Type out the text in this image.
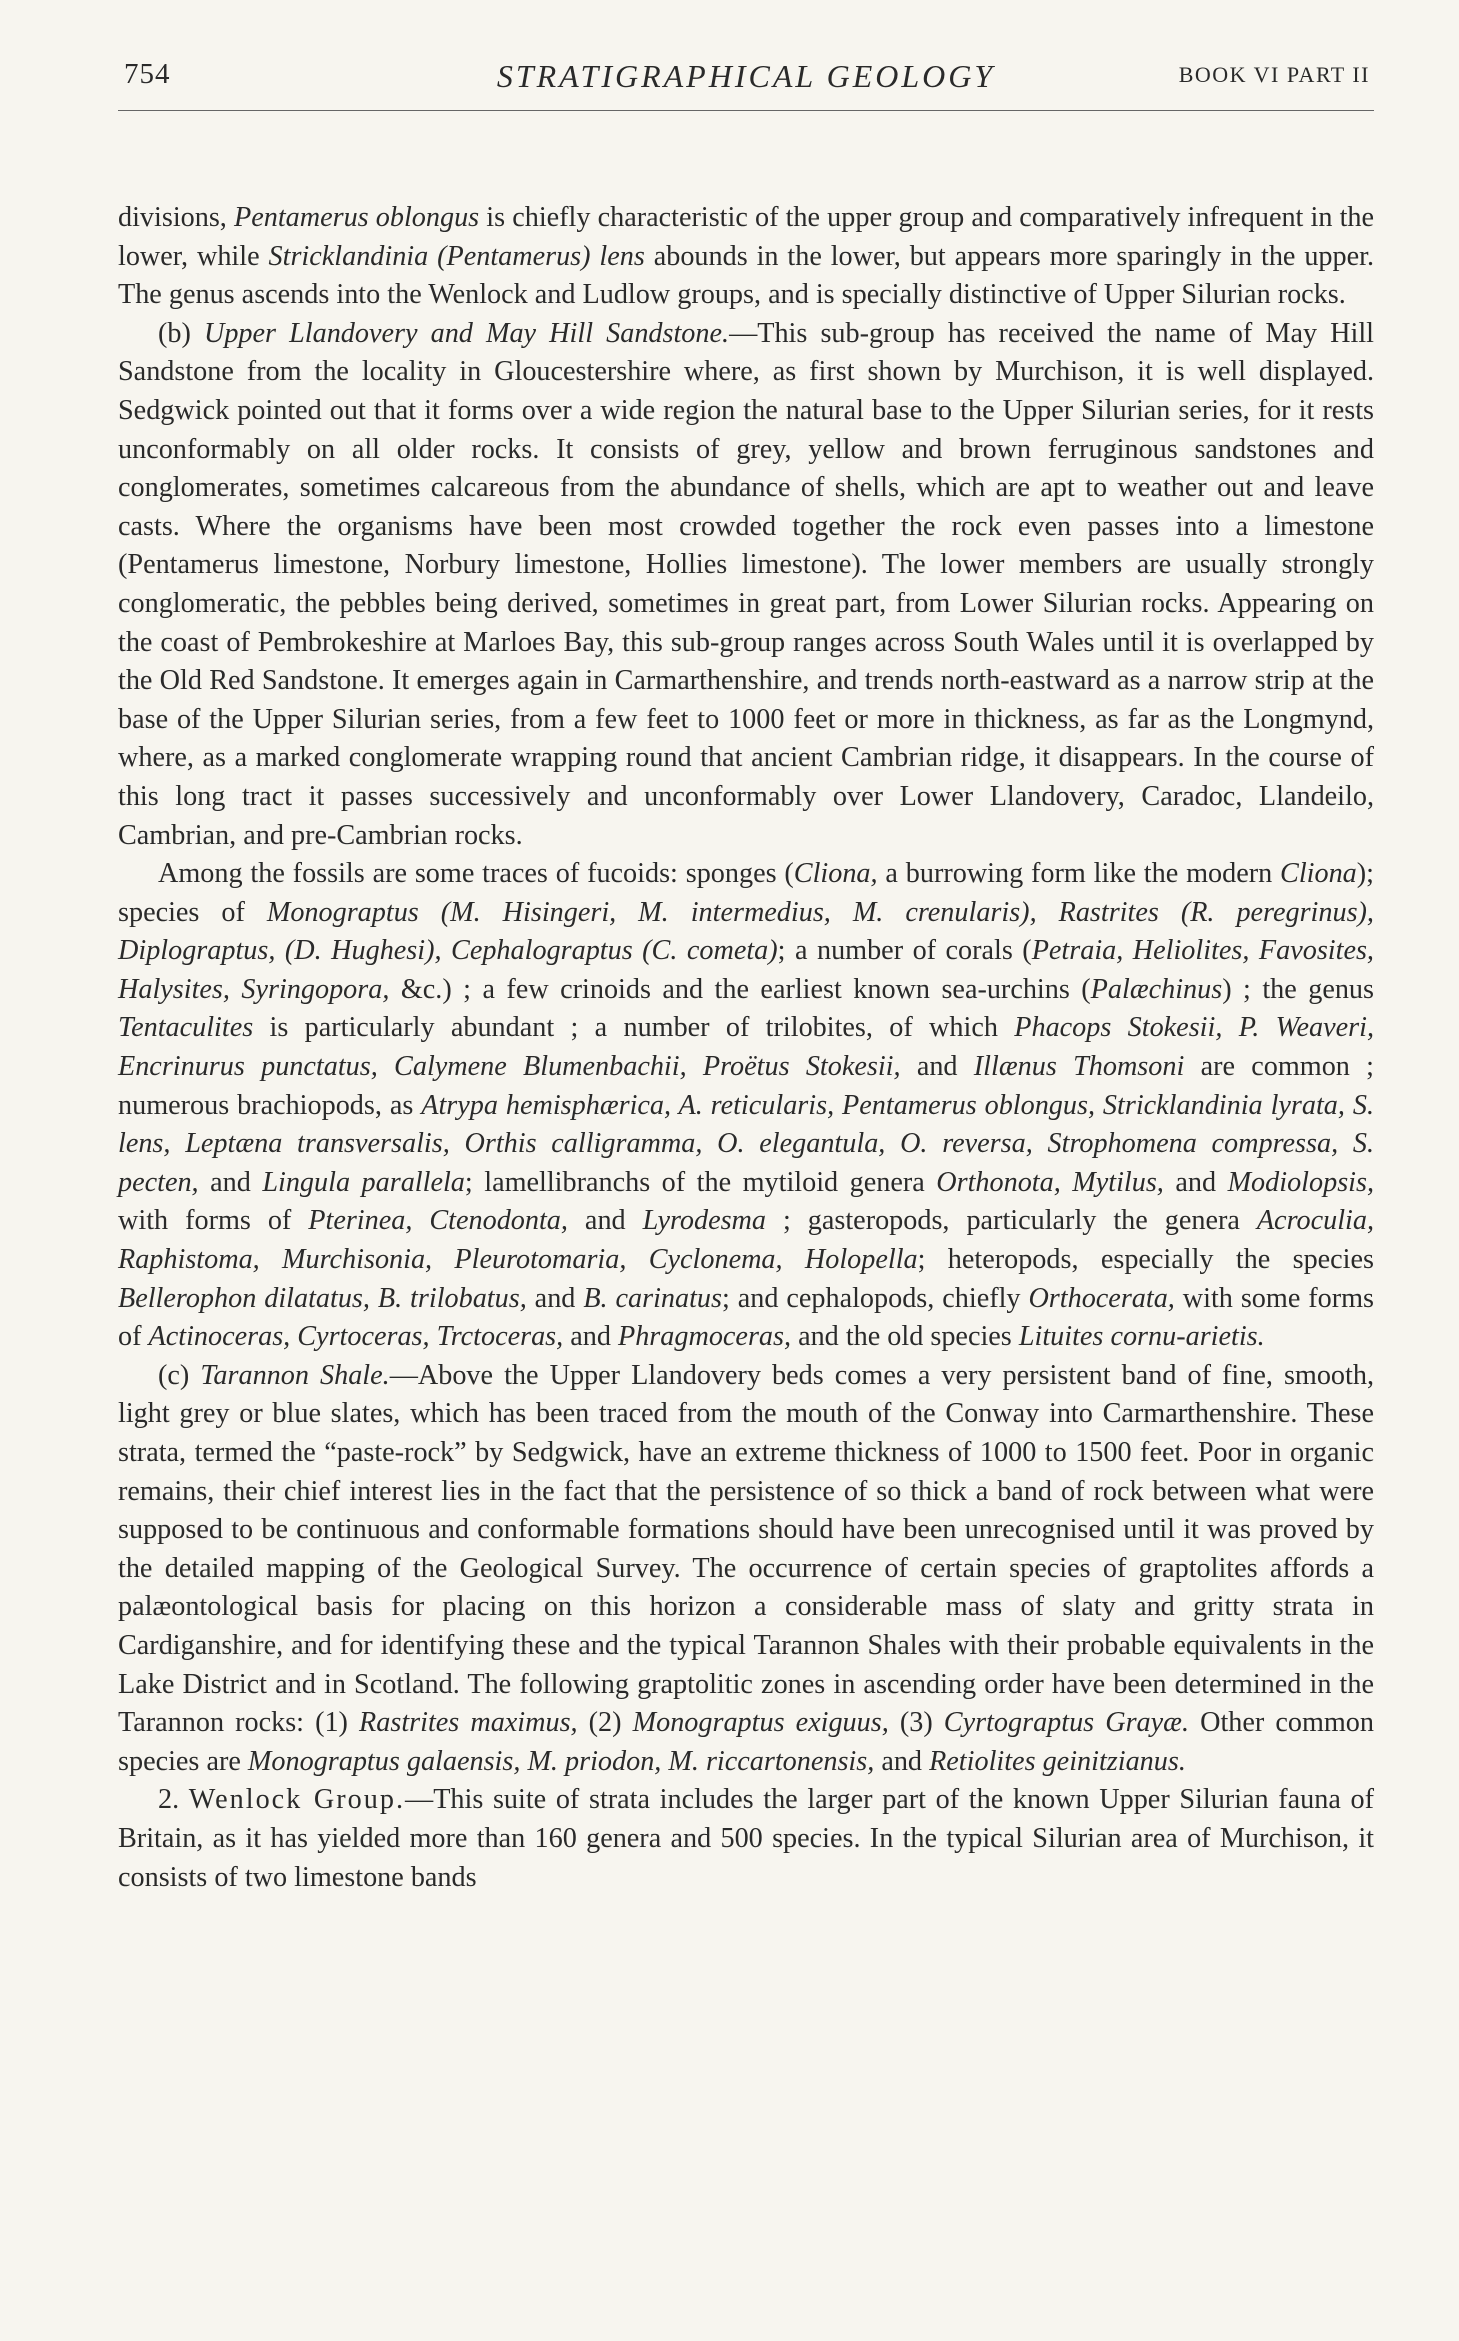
754	STRATIGRAPHICAL GEOLOGY	BOOK VI PART II

divisions, Pentamerus oblongus is chiefly characteristic of the upper group and comparatively infrequent in the lower, while Stricklandinia (Pentamerus) lens abounds in the lower, but appears more sparingly in the upper. The genus ascends into the Wenlock and Ludlow groups, and is specially distinctive of Upper Silurian rocks.

(b) Upper Llandovery and May Hill Sandstone.—This sub-group has received the name of May Hill Sandstone from the locality in Gloucestershire where, as first shown by Murchison, it is well displayed. Sedgwick pointed out that it forms over a wide region the natural base to the Upper Silurian series, for it rests unconformably on all older rocks. It consists of grey, yellow and brown ferruginous sandstones and conglomerates, sometimes calcareous from the abundance of shells, which are apt to weather out and leave casts. Where the organisms have been most crowded together the rock even passes into a limestone (Pentamerus limestone, Norbury limestone, Hollies limestone). The lower members are usually strongly conglomeratic, the pebbles being derived, sometimes in great part, from Lower Silurian rocks. Appearing on the coast of Pembrokeshire at Marloes Bay, this sub-group ranges across South Wales until it is overlapped by the Old Red Sandstone. It emerges again in Carmarthenshire, and trends north-eastward as a narrow strip at the base of the Upper Silurian series, from a few feet to 1000 feet or more in thickness, as far as the Longmynd, where, as a marked conglomerate wrapping round that ancient Cambrian ridge, it disappears. In the course of this long tract it passes successively and unconformably over Lower Llandovery, Caradoc, Llandeilo, Cambrian, and pre-Cambrian rocks.

Among the fossils are some traces of fucoids: sponges (Cliona, a burrowing form like the modern Cliona); species of Monograptus (M. Hisingeri, M. intermedius, M. crenularis), Rastrites (R. peregrinus), Diplograptus, (D. Hughesi), Cephalograptus (C. cometa); a number of corals (Petraia, Heliolites, Favosites, Halysites, Syringopora, &c.) ; a few crinoids and the earliest known sea-urchins (Palæchinus) ; the genus Tentaculites is particularly abundant ; a number of trilobites, of which Phacops Stokesii, P. Weaveri, Encrinurus punctatus, Calymene Blumenbachii, Proëtus Stokesii, and Illænus Thomsoni are common ; numerous brachiopods, as Atrypa hemisphærica, A. reticularis, Pentamerus oblongus, Stricklandinia lyrata, S. lens, Leptæna transversalis, Orthis calligramma, O. elegantula, O. reversa, Strophomena compressa, S. pecten, and Lingula parallela; lamellibranchs of the mytiloid genera Orthonota, Mytilus, and Modiolopsis, with forms of Pterinea, Ctenodonta, and Lyrodesma ; gasteropods, particularly the genera Acroculia, Raphistoma, Murchisonia, Pleurotomaria, Cyclonema, Holopella; heteropods, especially the species Bellerophon dilatatus, B. trilobatus, and B. carinatus; and cephalopods, chiefly Orthocerata, with some forms of Actinoceras, Cyrtoceras, Trctoceras, and Phragmoceras, and the old species Lituites cornu-arietis.

(c) Tarannon Shale.—Above the Upper Llandovery beds comes a very persistent band of fine, smooth, light grey or blue slates, which has been traced from the mouth of the Conway into Carmarthenshire. These strata, termed the “paste-rock” by Sedgwick, have an extreme thickness of 1000 to 1500 feet. Poor in organic remains, their chief interest lies in the fact that the persistence of so thick a band of rock between what were supposed to be continuous and conformable formations should have been unrecognised until it was proved by the detailed mapping of the Geological Survey. The occurrence of certain species of graptolites affords a palæontological basis for placing on this horizon a considerable mass of slaty and gritty strata in Cardiganshire, and for identifying these and the typical Tarannon Shales with their probable equivalents in the Lake District and in Scotland. The following graptolitic zones in ascending order have been determined in the Tarannon rocks: (1) Rastrites maximus, (2) Monograptus exiguus, (3) Cyrtograptus Grayæ. Other common species are Monograptus galaensis, M. priodon, M. riccartonensis, and Retiolites geinitzianus.

2. Wenlock Group.—This suite of strata includes the larger part of the known Upper Silurian fauna of Britain, as it has yielded more than 160 genera and 500 species. In the typical Silurian area of Murchison, it consists of two limestone bands
